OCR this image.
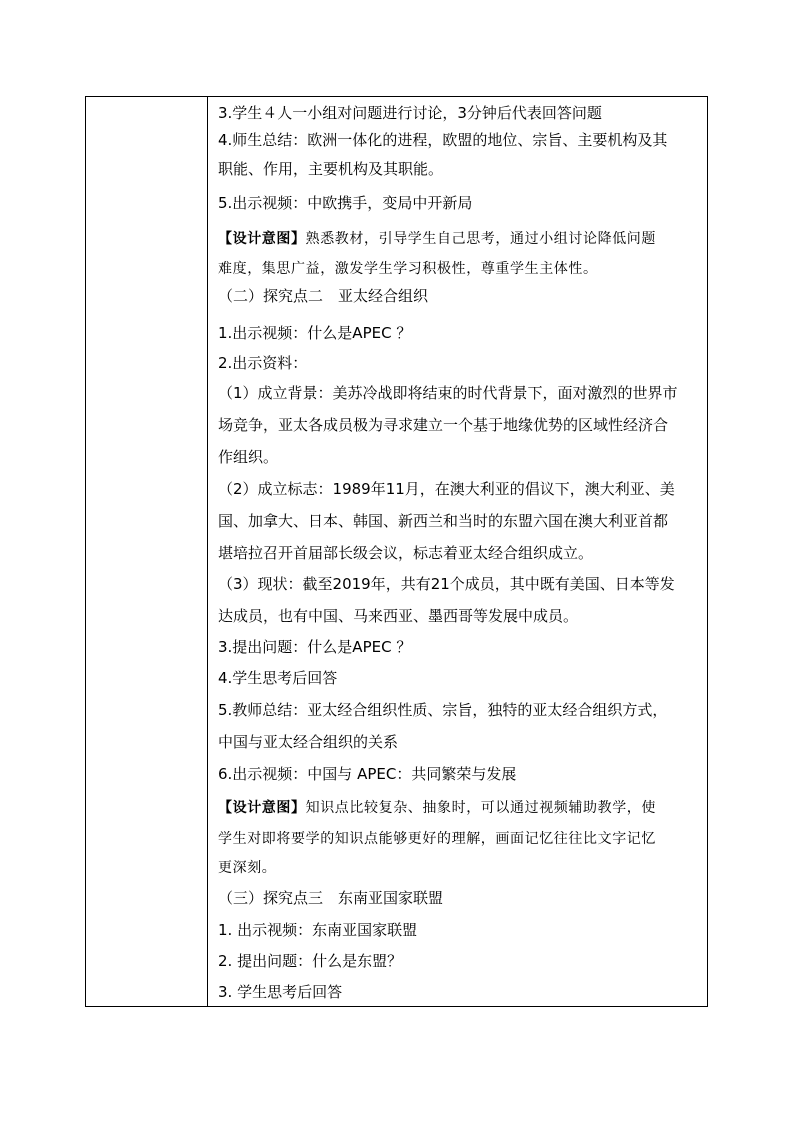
3.学生４人一小组对问题进行讨论，3分钟后代表回答问题
4.师生总结：欧洲一体化的进程，欧盟的地位、宗旨、主要机构及其
职能、作用，主要机构及其职能。
5.出示视频：中欧携手，变局中开新局
【设计意图】熟悉教材，引导学生自己思考，通过小组讨论降低问题
难度，集思广益，激发学生学习积极性，尊重学生主体性。
（二）探究点二　亚太经合组织
1.出示视频：什么是APEC ？
2.出示资料：
（1）成立背景：美苏冷战即将结束的时代背景下，面对激烈的世界市
场竞争，亚太各成员极为寻求建立一个基于地缘优势的区域性经济合
作组织。
（2）成立标志：1989年11月，在澳大利亚的倡议下，澳大利亚、美
国、加拿大、日本、韩国、新西兰和当时的东盟六国在澳大利亚首都
堪培拉召开首届部长级会议，标志着亚太经合组织成立。
（3）现状：截至2019年，共有21个成员，其中既有美国、日本等发
达成员，也有中国、马来西亚、墨西哥等发展中成员。
3.提出问题：什么是APEC ？
4.学生思考后回答
5.教师总结：亚太经合组织性质、宗旨，独特的亚太经合组织方式，
中国与亚太经合组织的关系
6.出示视频：中国与 APEC：共同繁荣与发展
【设计意图】知识点比较复杂、抽象时，可以通过视频辅助教学，使
学生对即将要学的知识点能够更好的理解，画面记忆往往比文字记忆
更深刻。
（三）探究点三　东南亚国家联盟
1. 出示视频：东南亚国家联盟
2. 提出问题：什么是东盟？
3. 学生思考后回答
